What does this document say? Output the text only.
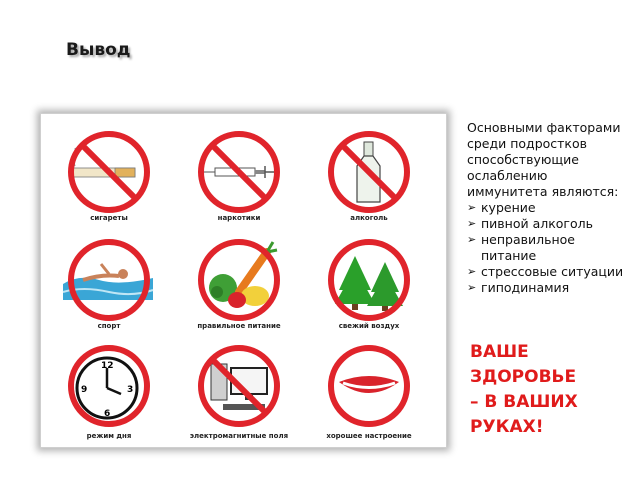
Вывод
сигареты	наркотики	алкоголь
спорт	правильное питание	свежий воздух
12
3
6
9
режим дня	электромагнитные поля	хорошее настроение
Основными факторами среди подростков способствующие ослаблению иммунитета являются:
➢ курение
➢ пивной алкоголь
➢ неправильное питание
➢ стрессовые ситуации
➢ гиподинамия
ВАШЕ ЗДОРОВЬЕ – В ВАШИХ РУКАХ!
